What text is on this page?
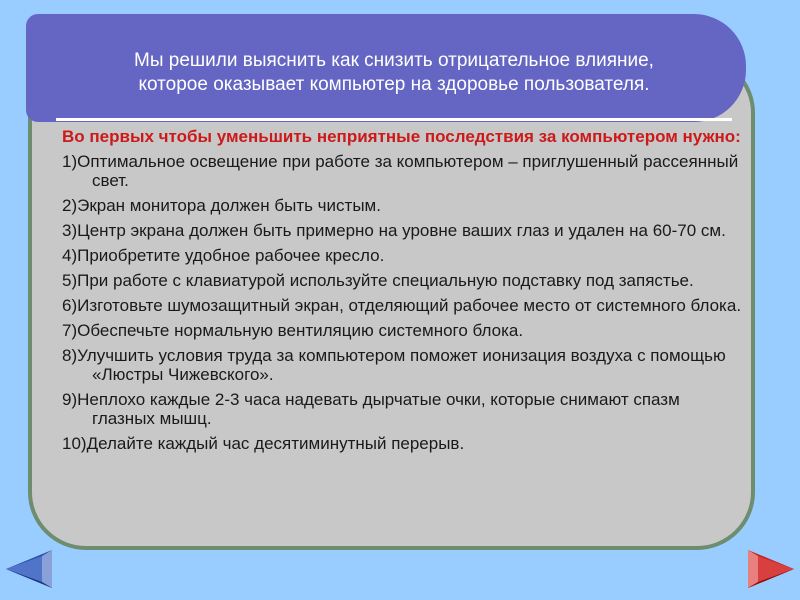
Мы решили выяснить как снизить отрицательное влияние,
которое оказывает компьютер на здоровье пользователя.

Во первых чтобы уменьшить неприятные последствия за компьютером нужно:

1)Оптимальное освещение при работе за компьютером – приглушенный рассеянный свет.

2)Экран монитора должен быть чистым.

3)Центр экрана должен быть примерно на уровне ваших глаз и удален на 60-70 см.

4)Приобретите удобное рабочее кресло.

5)При работе с клавиатурой используйте специальную подставку под запястье.

6)Изготовьте шумозащитный экран, отделяющий рабочее место от системного блока.

7)Обеспечьте нормальную вентиляцию системного блока.

8)Улучшить условия труда за компьютером поможет ионизация воздуха с помощью «Люстры Чижевского».

9)Неплохо каждые 2-3 часа надевать дырчатые очки, которые снимают спазм глазных мышц.

10)Делайте каждый час десятиминутный перерыв.
